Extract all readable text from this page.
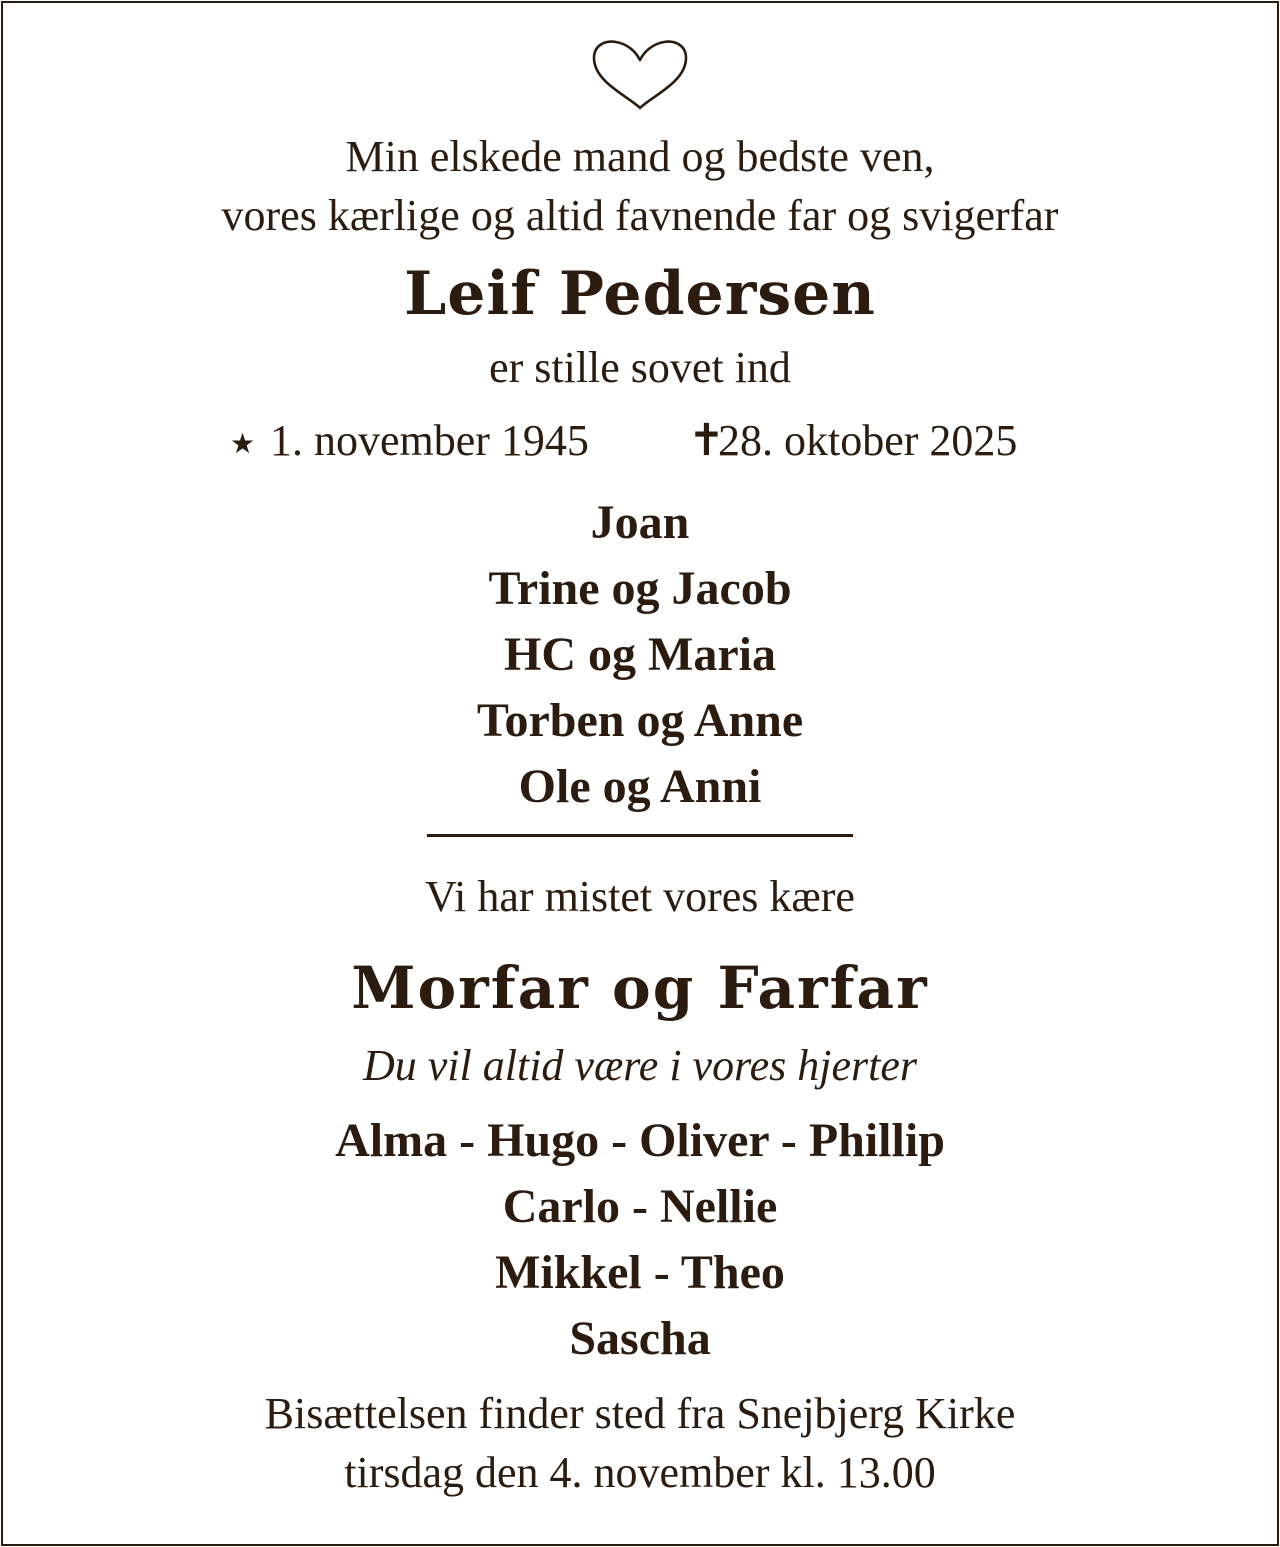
Min elskede mand og bedste ven,
vores kærlige og altid favnende far og svigerfar
Leif Pedersen
er stille sovet ind
★ 1. november 1945 ✝
28. oktober 2025
Joan
Trine og Jacob
HC og Maria
Torben og Anne
Ole og Anni
Vi har mistet vores kære
Morfar og Farfar
Du vil altid være i vores hjerter
Alma - Hugo - Oliver - Phillip
Carlo - Nellie
Mikkel - Theo
Sascha
Bisættelsen finder sted fra Snejbjerg Kirke
tirsdag den 4. november kl. 13.00
